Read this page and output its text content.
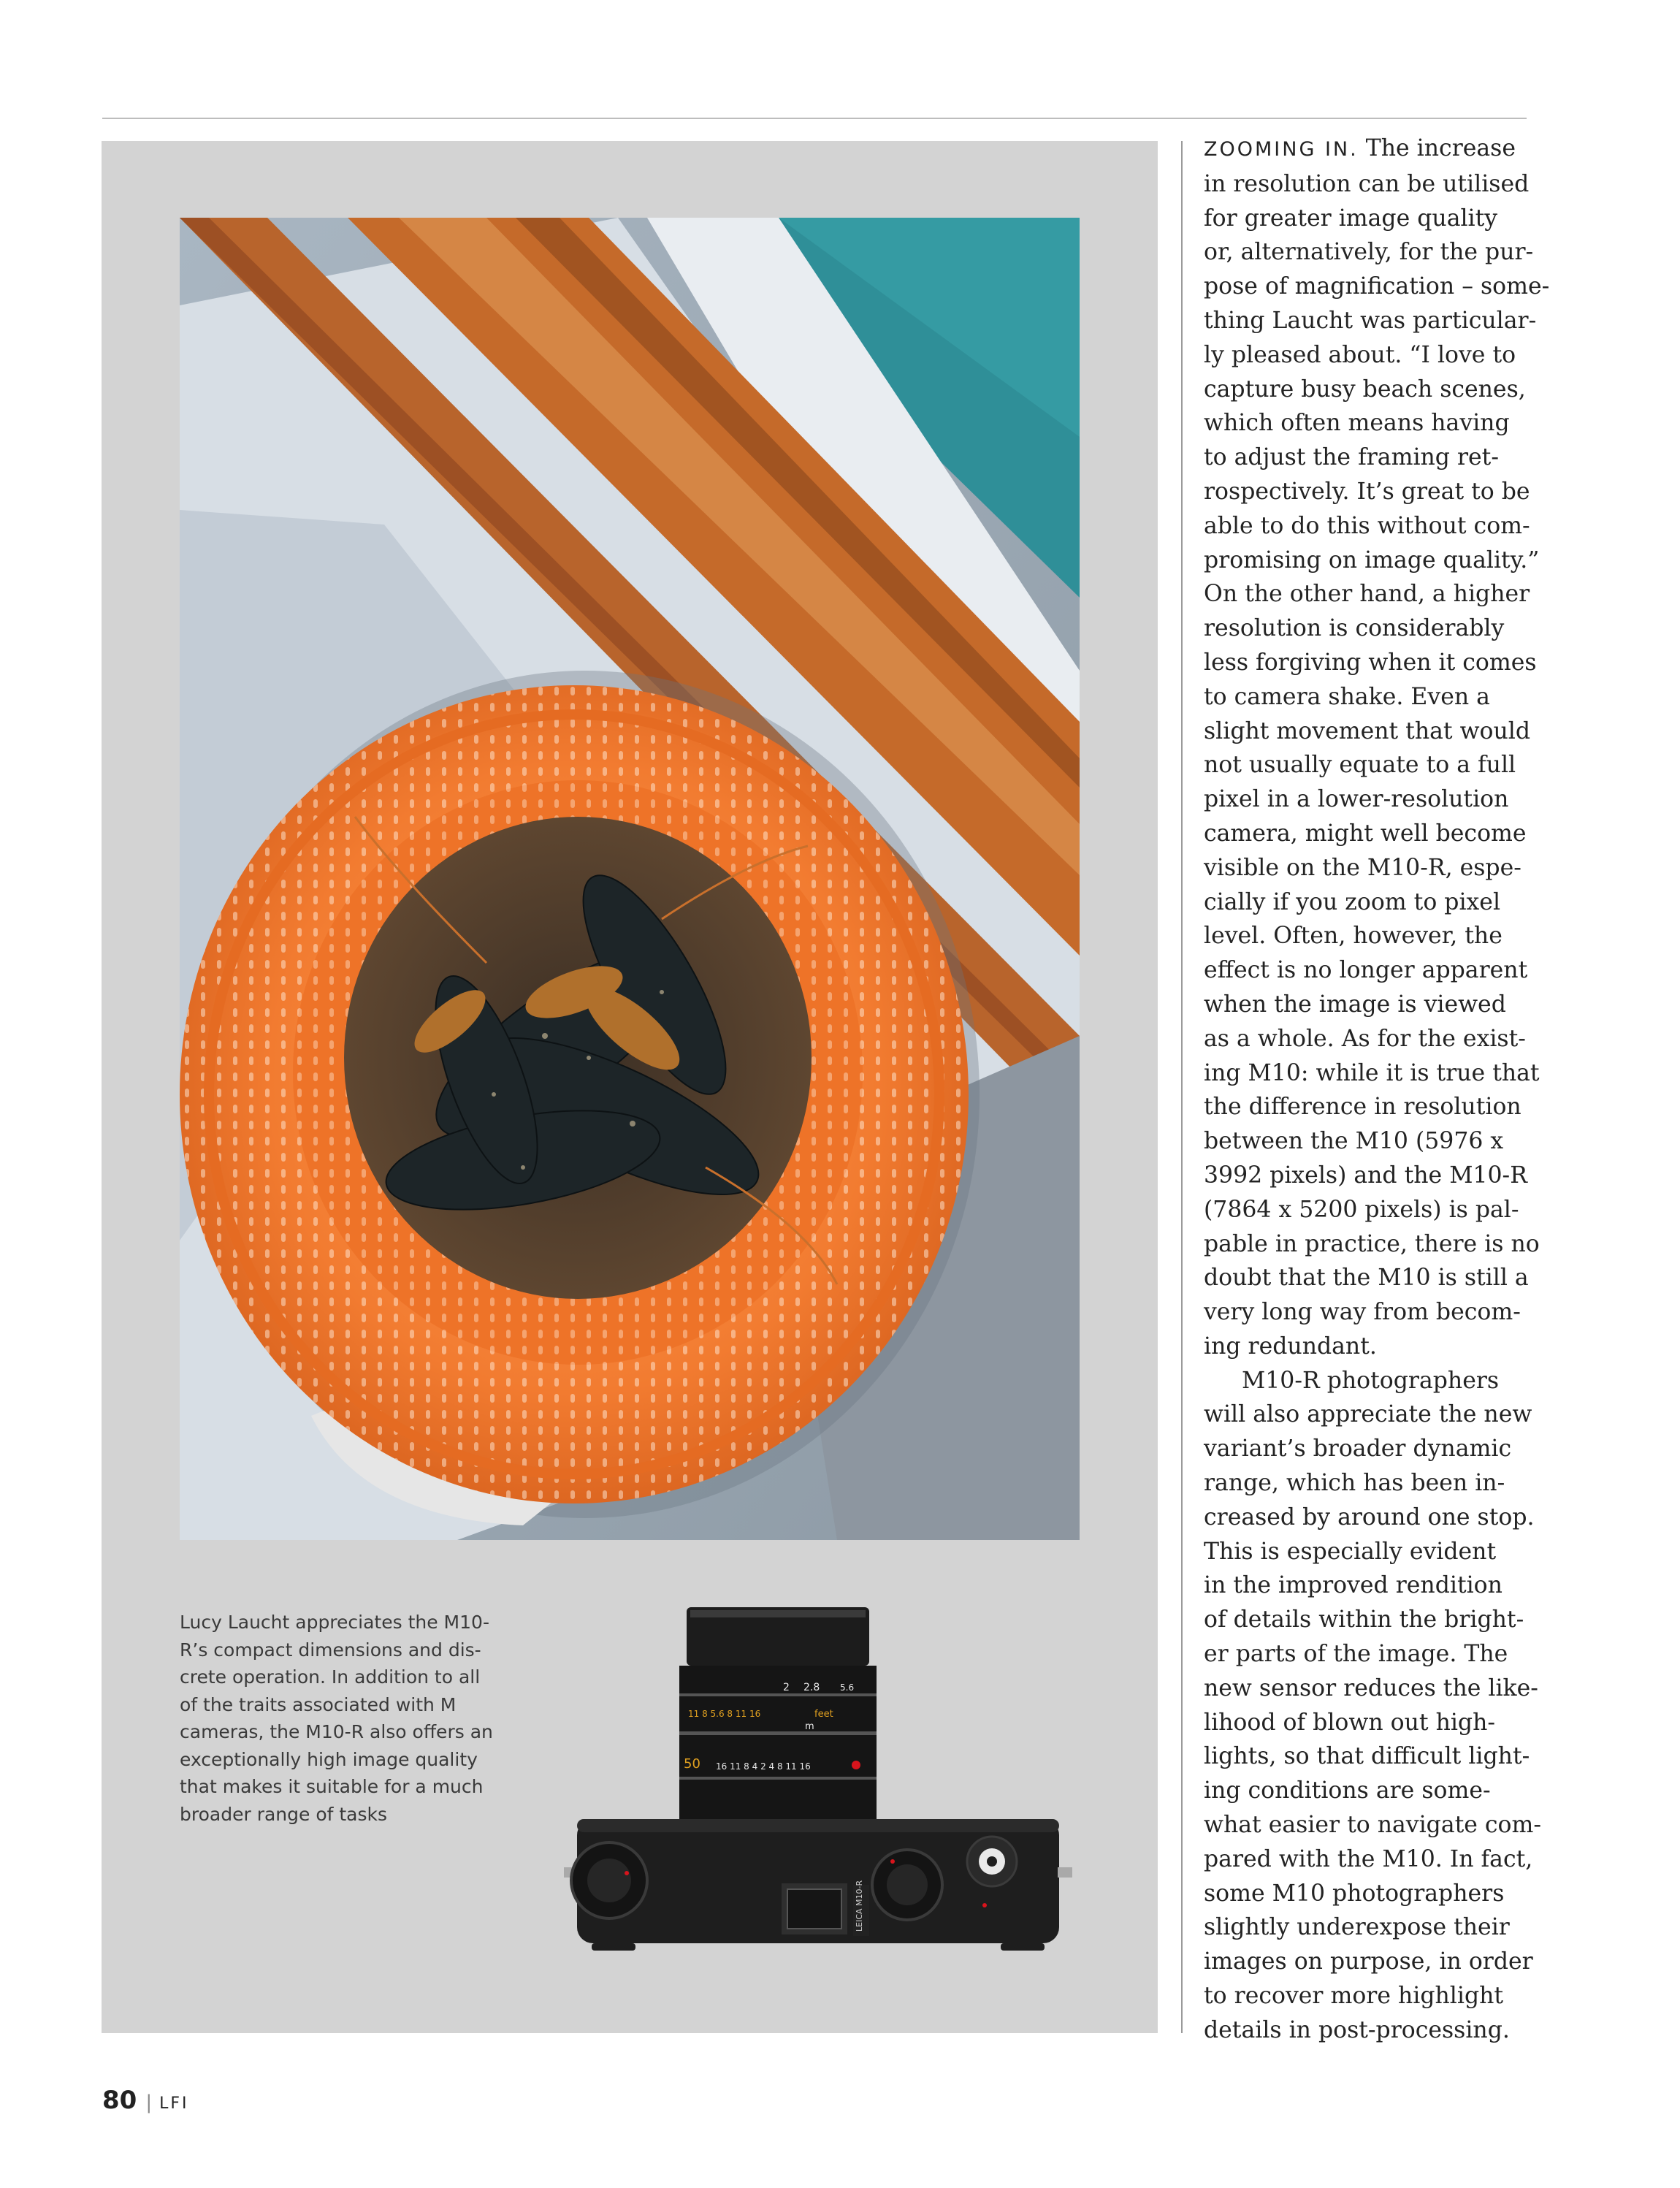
Lucy Laucht appreciates the M10-
R’s compact dimensions and dis-
crete operation. In addition to all
of the traits associated with M
cameras, the M10-R also offers an
exceptionally high image quality
that makes it suitable for a much
broader range of tasks

2 2.8 5.6
11 8 5.6 8 11 16	feet
m
50 16 11 8 4 2 4 8 11 16
LEICA M10-R

ZOOMING IN. The increase

in resolution can be utilised

for greater image quality

or, alternatively, for the pur-

pose of magnification – some-

thing Laucht was particular-

ly pleased about. “I love to

capture busy beach scenes,

which often means having

to adjust the framing ret-

rospectively. It’s great to be

able to do this without com-

promising on image quality.”

On the other hand, a higher

resolution is considerably

less forgiving when it comes

to camera shake. Even a

slight movement that would

not usually equate to a full

pixel in a lower-resolution

camera, might well become

visible on the M10-R, espe-

cially if you zoom to pixel

level. Often, however, the

effect is no longer apparent

when the image is viewed

as a whole. As for the exist-

ing M10: while it is true that

the difference in resolution

between the M10 (5976 x

3992 pixels) and the M10-R

(7864 x 5200 pixels) is pal-

pable in practice, there is no

doubt that the M10 is still a

very long way from becom-

ing redundant.

M10-R photographers

will also appreciate the new

variant’s broader dynamic

range, which has been in-

creased by around one stop.

This is especially evident

in the improved rendition

of details within the bright-

er parts of the image. The

new sensor reduces the like-

lihood of blown out high-

lights, so that difficult light-

ing conditions are some-

what easier to navigate com-

pared with the M10. In fact,

some M10 photographers

slightly underexpose their

images on purpose, in order

to recover more highlight

details in post-processing.

80 | LFI
